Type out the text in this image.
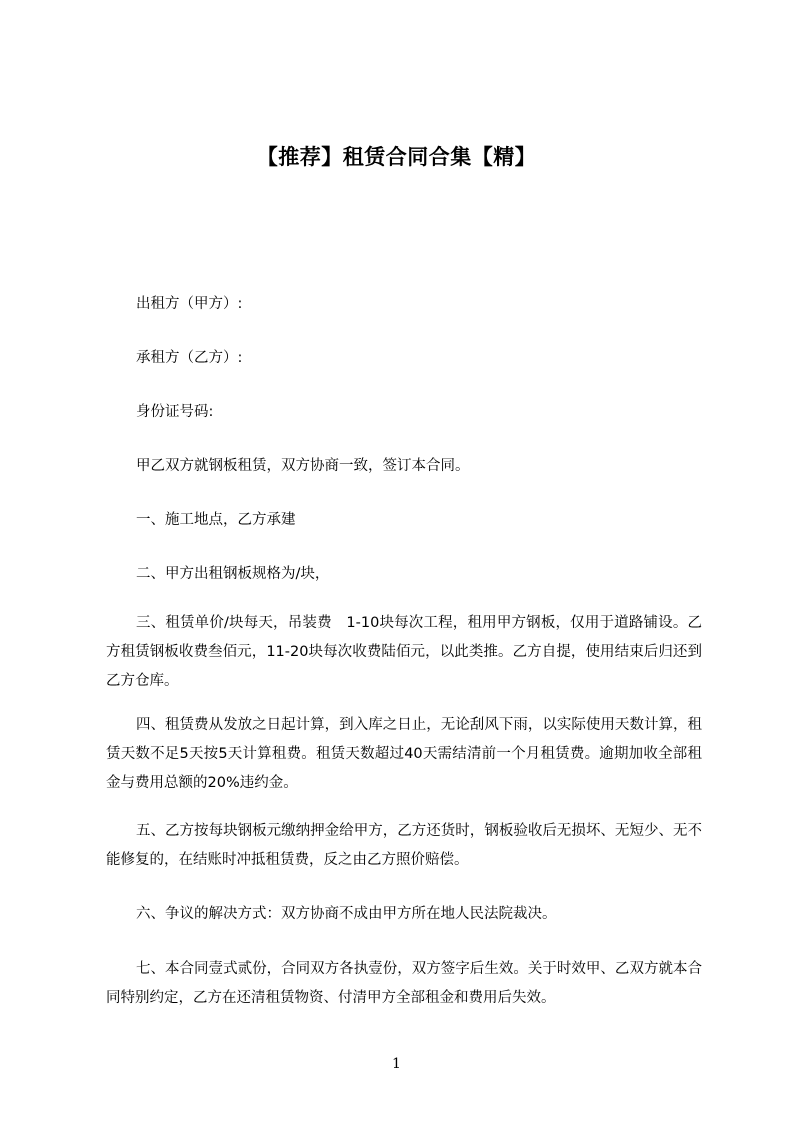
【推荐】租赁合同合集【精】
出租方（甲方）:
承租方（乙方）:
身份证号码:
甲乙双方就钢板租赁，双方协商一致，签订本合同。
一、施工地点，乙方承建
二、甲方出租钢板规格为/块，
三、租赁单价/块每天，吊装费　1-10块每次工程，租用甲方钢板，仅用于道路铺设。乙方租赁钢板收费叁佰元，11-20块每次收费陆佰元，以此类推。乙方自提，使用结束后归还到乙方仓库。
四、租赁费从发放之日起计算，到入库之日止，无论刮风下雨，以实际使用天数计算，租赁天数不足5天按5天计算租费。租赁天数超过40天需结清前一个月租赁费。逾期加收全部租金与费用总额的20%违约金。
五、乙方按每块钢板元缴纳押金给甲方，乙方还货时，钢板验收后无损坏、无短少、无不能修复的，在结账时冲抵租赁费，反之由乙方照价赔偿。
六、争议的解决方式：双方协商不成由甲方所在地人民法院裁决。
七、本合同壹式贰份，合同双方各执壹份，双方签字后生效。关于时效甲、乙双方就本合同特别约定，乙方在还清租赁物资、付清甲方全部租金和费用后失效。
1
